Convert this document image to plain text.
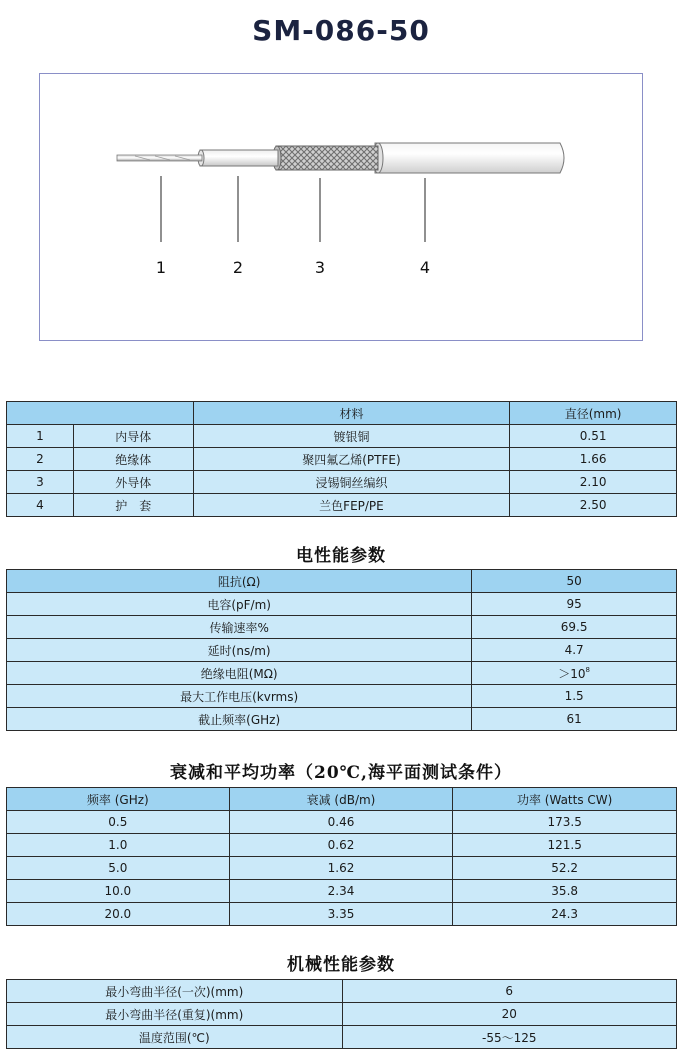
SM-086-50
1	2	3	4
		材料	直径(mm)
1	内导体	镀银铜	0.51
2	绝缘体	聚四氟乙烯(PTFE)	1.66
3	外导体	浸锡铜丝编织	2.10
4	护　套	兰色FEP/PE	2.50
电性能参数
阻抗(Ω)	50
电容(pF/m)	95
传输速率%	69.5
延时(ns/m)	4.7
绝缘电阻(MΩ)	$>10^8$
最大工作电压(kvrms)	1.5
截止频率(GHz)	61
衰减和平均功率（20℃,海平面测试条件）
频率 (GHz)	衰减 (dB/m)	功率 (Watts CW)
0.5	0.46	173.5
1.0	0.62	121.5
5.0	1.62	52.2
10.0	2.34	35.8
20.0	3.35	24.3
机械性能参数
最小弯曲半径(一次)(mm)	6
最小弯曲半径(重复)(mm)	20
温度范围(℃)	-55～125
